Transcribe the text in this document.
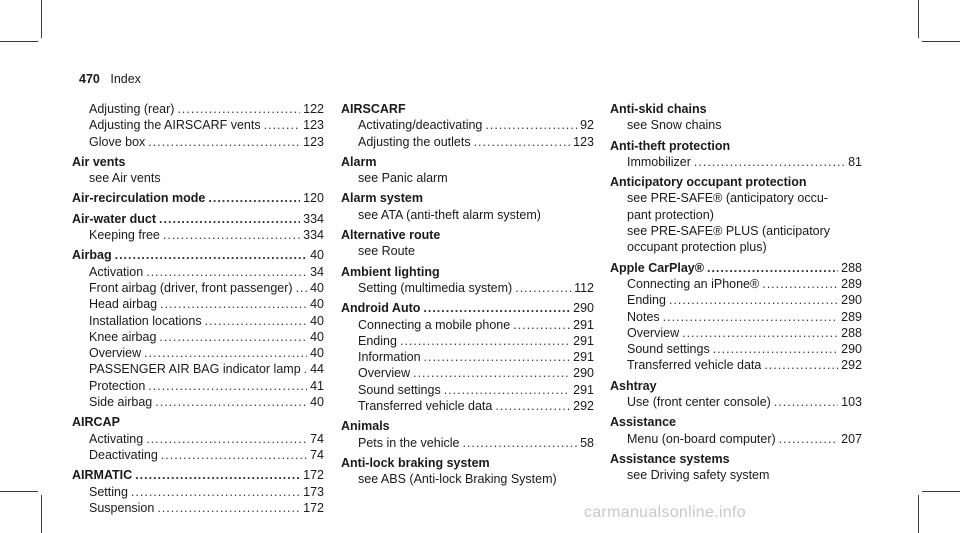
470 Index
Adjusting (rear) .....	122
Adjusting the AIRSCARF vents .....	123
Glove box .....	123
Air vents
see Air vents
Air-recirculation mode .....	120
Air-water duct .....	334
Keeping free .....	334
Airbag .....	40
Activation .....	34
Front airbag (driver, front passenger) ..... 40
Head airbag .....	40
Installation locations .....	40
Knee airbag .....	40
Overview .....	40
PASSENGER AIR BAG indicator lamp ..... 44
Protection .....	41
Side airbag .....	40
AIRCAP
Activating .....	74
Deactivating .....	74
AIRMATIC .....	172
Setting .....	173
Suspension .....	172
AIRSCARF
Activating/deactivating .....	92
Adjusting the outlets .....	123
Alarm
see Panic alarm
Alarm system
see ATA (anti-theft alarm system)
Alternative route
see Route
Ambient lighting
Setting (multimedia system) .....	112
Android Auto .....	290
Connecting a mobile phone .....	291
Ending .....	291
Information .....	291
Overview .....	290
Sound settings .....	291
Transferred vehicle data .....	292
Animals
Pets in the vehicle .....	58
Anti-lock braking system
see ABS (Anti-lock Braking System)
Anti-skid chains
see Snow chains
Anti-theft protection
Immobilizer .....	81
Anticipatory occupant protection
see PRE-SAFE® (anticipatory occu-
pant protection)
see PRE-SAFE® PLUS (anticipatory
occupant protection plus)
Apple CarPlay® .....	288
Connecting an iPhone® .....	289
Ending .....	290
Notes .....	289
Overview .....	288
Sound settings .....	290
Transferred vehicle data .....	292
Ashtray
Use (front center console) .....	103
Assistance
Menu (on-board computer) .....	207
Assistance systems
see Driving safety system
carmanualsonline.info
